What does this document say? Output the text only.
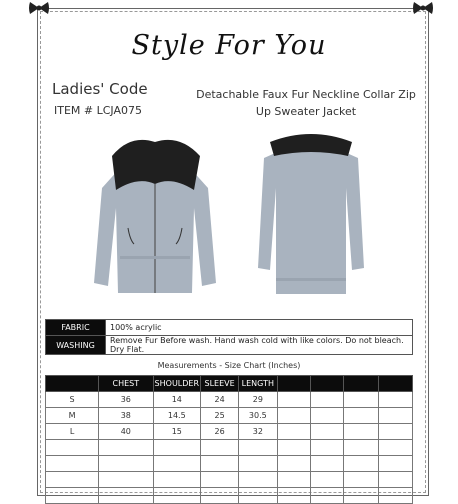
Style For You
Ladies' Code
ITEM # LCJA075
Detachable Faux Fur Neckline Collar Zip
Up Sweater Jacket
FABRIC	100% acrylic
WASHING	Remove Fur Before wash. Hand wash cold with like colors. Do not bleach. Dry Flat.
Measurements - Size Chart (Inches)
	CHEST	SHOULDER	SLEEVE	LENGTH				
S	36	14	24	29				
M	38	14.5	25	30.5				
L	40	15	26	32				
